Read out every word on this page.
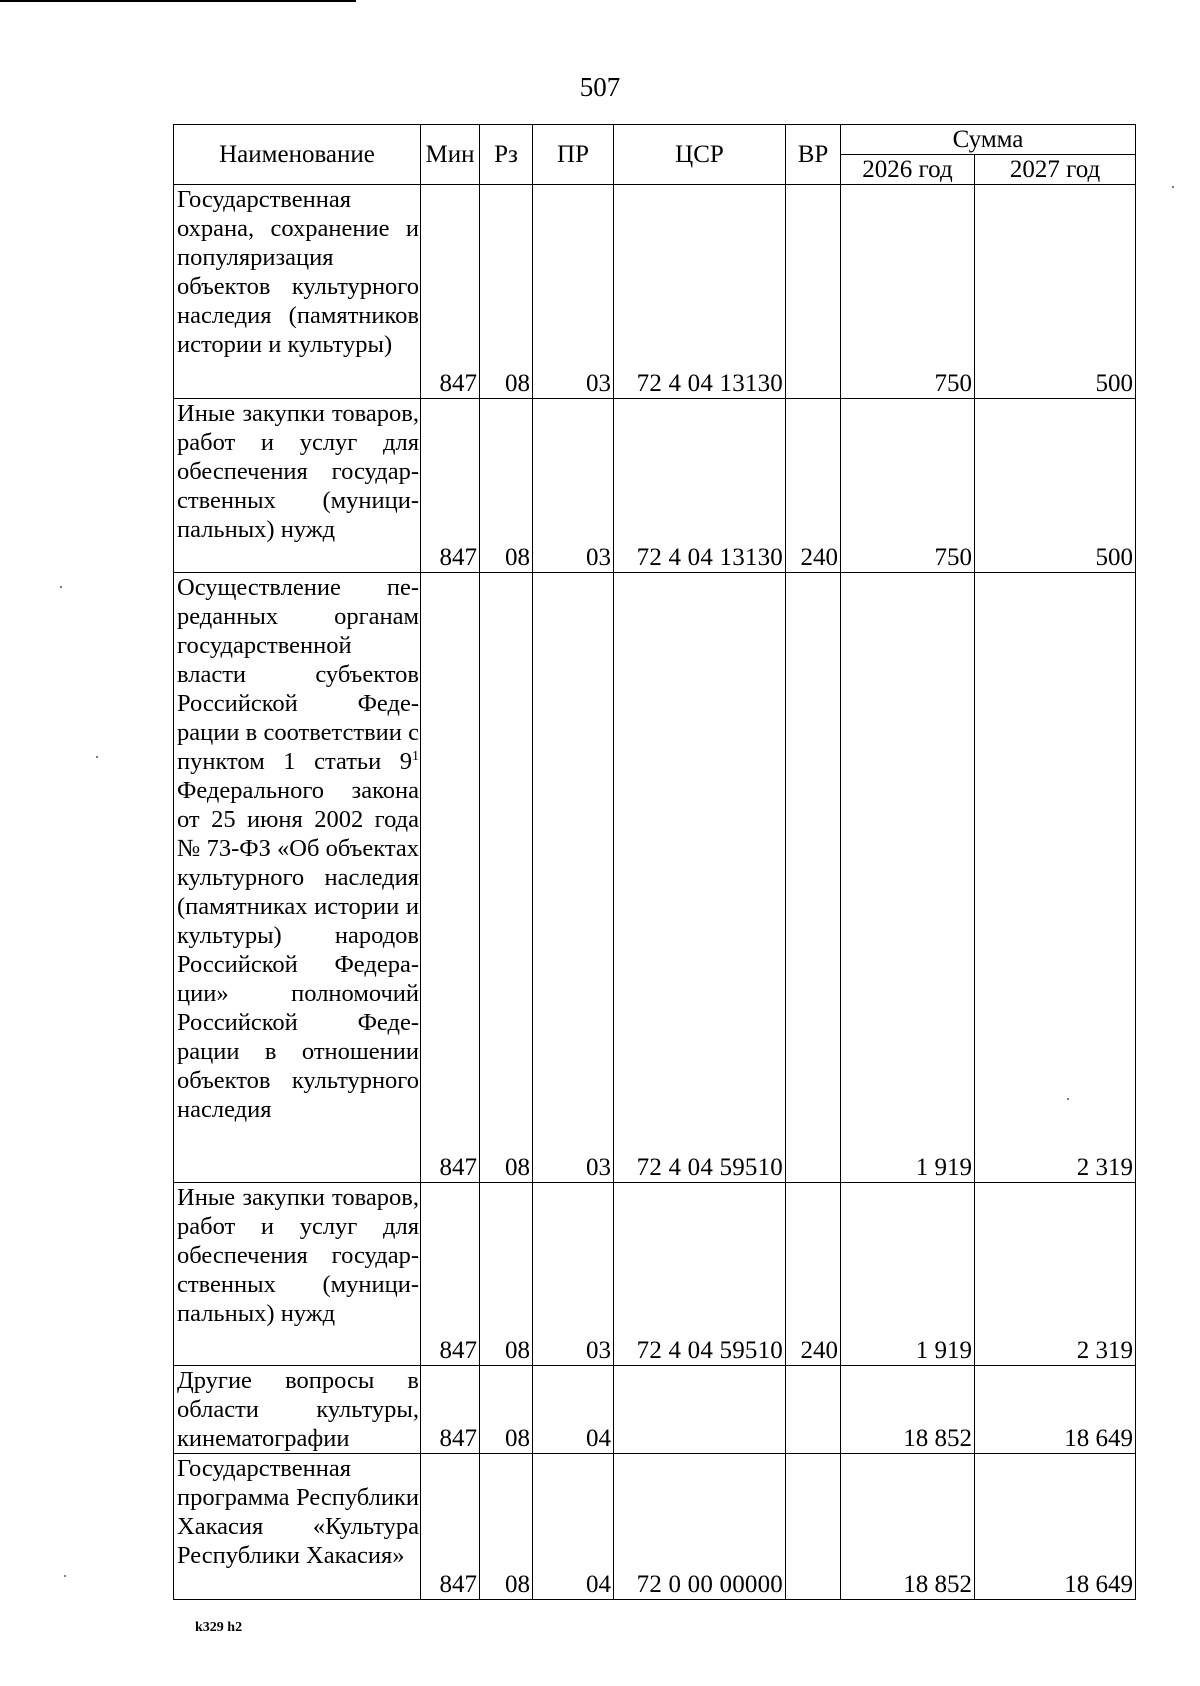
507
Наименование	Мин	Рз	ПР	ЦСР	ВР	Сумма	
						2026 год	2027 год
Государственная охрана, сохранение и популяризация объектов культурного наследия (памятников истории и культуры)	847	08	03	72 4 04 13130		750	500
Иные закупки товаров, работ и услуг для обеспечения государственных (муниципальных) нужд	847	08	03	72 4 04 13130	240	750	500
Осуществление переданных органам государственной власти субъектов Российской Федерации в соответствии с пунктом 1 статьи $9^1$ Федерального закона от 25 июня 2002 года № 73-ФЗ «Об объектах культурного наследия (памятниках истории и культуры) народов Российской Федерации» полномочий Российской Федерации в отношении объектов культурного наследия	847	08	03	72 4 04 59510		1 919	2 319
Иные закупки товаров, работ и услуг для обеспечения государственных (муниципальных) нужд	847	08	03	72 4 04 59510	240	1 919	2 319
Другие вопросы в области культуры, кинематографии	847	08	04			18 852	18 649
Государственная программа Республики Хакасия «Культура Республики Хакасия»	847	08	04	72 0 00 00000		18 852	18 649
k329 h2
